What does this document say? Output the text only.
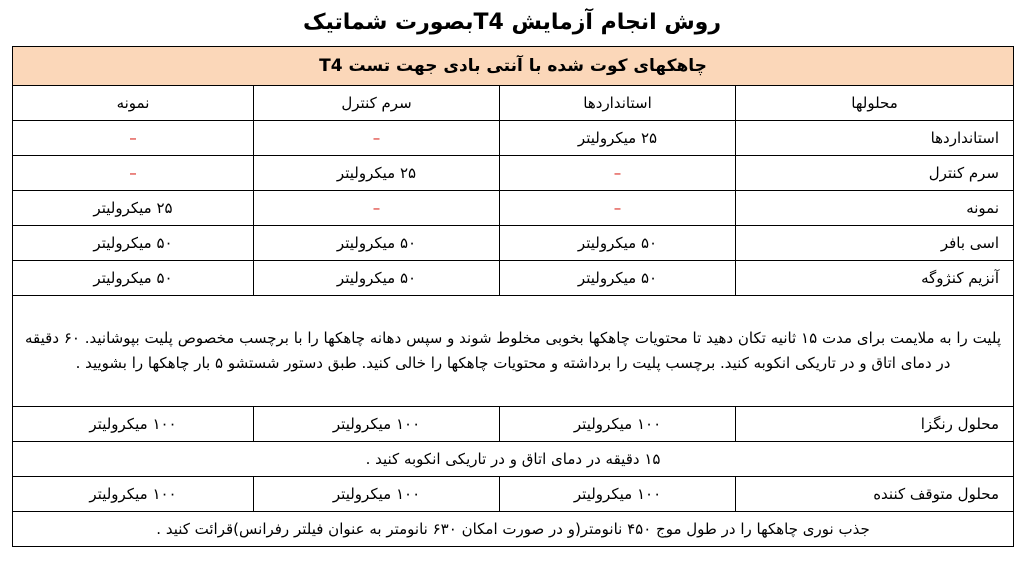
روش انجام آزمایش T4بصورت شماتیک
چاهکهای کوت شده با آنتی بادی جهت تست T4			
محلولها	استانداردها	سرم کنترل	نمونه
استانداردها	۲۵ میکرولیتر	–	–
سرم کنترل	–	۲۵ میکرولیتر	–
نمونه	–	–	۲۵ میکرولیتر
اسی بافر	۵۰ میکرولیتر	۵۰ میکرولیتر	۵۰ میکرولیتر
آنزیم کنژوگه	۵۰ میکرولیتر	۵۰ میکرولیتر	۵۰ میکرولیتر
پلیت را به ملایمت برای مدت ۱۵ ثانیه تکان دهید تا محتویات چاهکها بخوبی مخلوط شوند و سپس دهانه چاهکها را با برچسب مخصوص پلیت بپوشانید. ۶۰ دقیقه در دمای اتاق و در تاریکی انکوبه کنید. برچسب پلیت را برداشته و محتویات چاهکها را خالی کنید. طبق دستور شستشو ۵ بار چاهکها را بشویید .			
محلول رنگزا	۱۰۰ میکرولیتر	۱۰۰ میکرولیتر	۱۰۰ میکرولیتر
۱۵ دقیقه در دمای اتاق و در تاریکی انکوبه کنید .			
محلول متوقف کننده	۱۰۰ میکرولیتر	۱۰۰ میکرولیتر	۱۰۰ میکرولیتر
جذب نوری چاهکها را در طول موج ۴۵۰ نانومتر(و در صورت امکان ۶۳۰ نانومتر به عنوان فیلتر رفرانس)قرائت کنید .			
